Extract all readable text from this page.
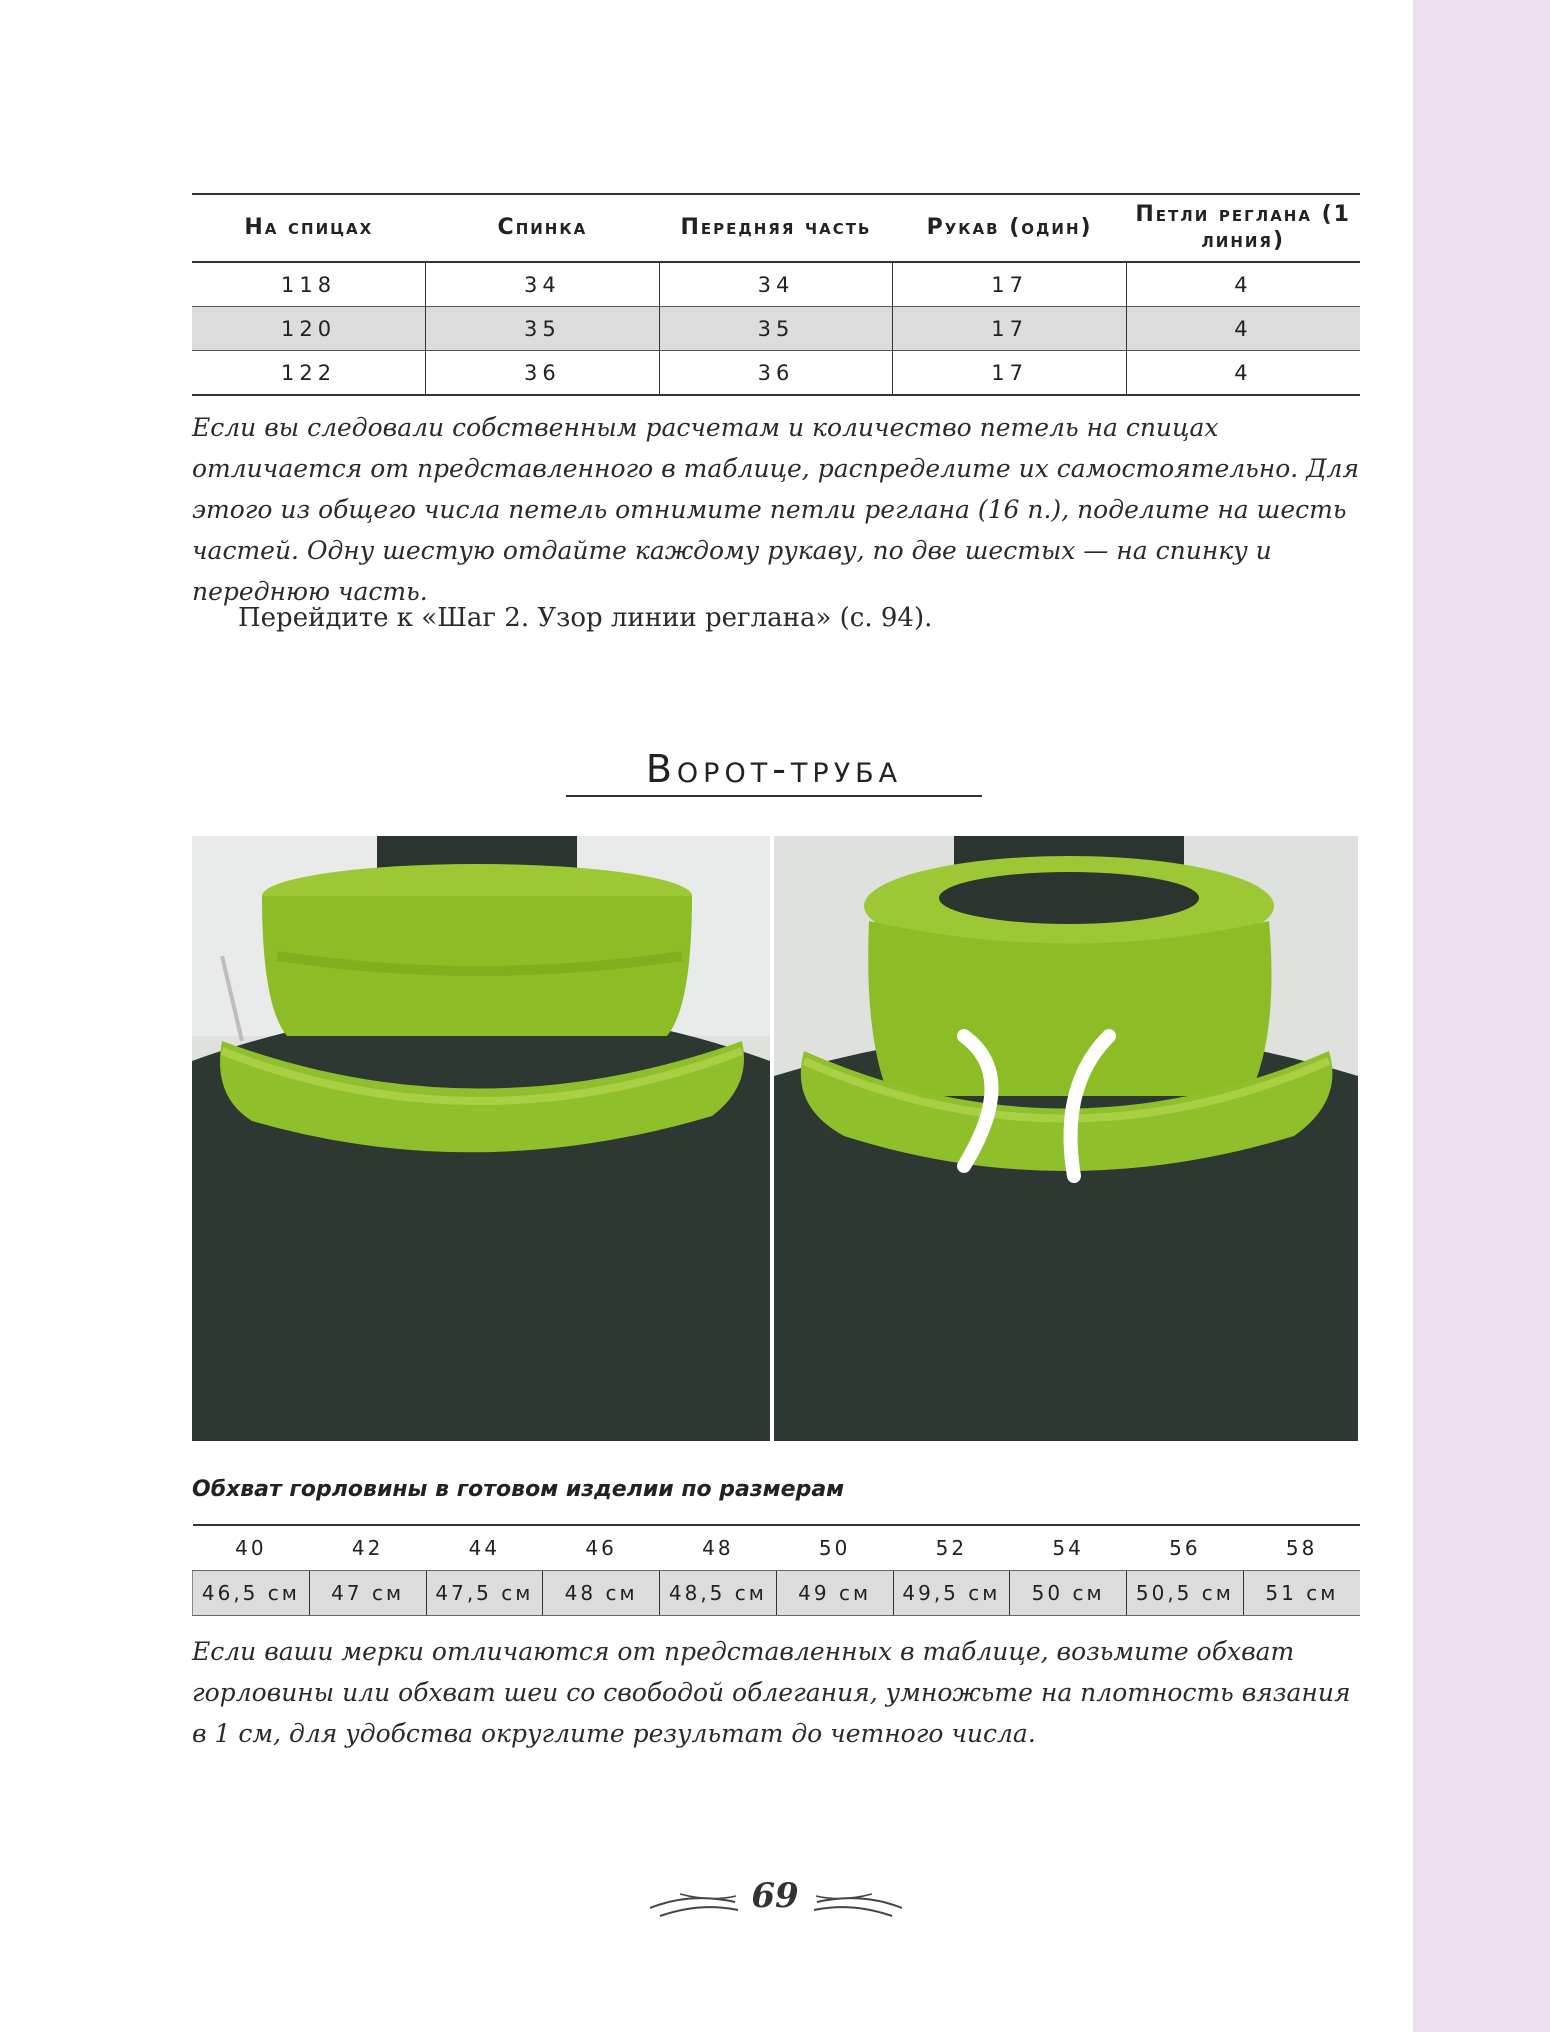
На спицах	Спинка	Передняя часть	Рукав (один)	Петли реглана (1 линия)
118	34	34	17	4
120	35	35	17	4
122	36	36	17	4

Если вы следовали собственным расчетам и количество петель на спицах отличается от представленного в таблице, распределите их самостоятельно. Для этого из общего числа петель отнимите петли реглана (16 п.), поделите на шесть частей. Одну шестую отдайте каждому рукаву, по две шестых — на спинку и переднюю часть.

Перейдите к «Шаг 2. Узор линии реглана» (с. 94).

Ворот-труба

Обхват горловины в готовом изделии по размерам

40	42	44	46	48	50	52	54	56	58
46,5 см	47 см	47,5 см	48 см	48,5 см	49 см	49,5 см	50 см	50,5 см	51 см

Если ваши мерки отличаются от представленных в таблице, возьмите обхват горловины или обхват шеи со свободой облегания, умножьте на плотность вязания в 1 см, для удобства округлите результат до четного числа.

69
